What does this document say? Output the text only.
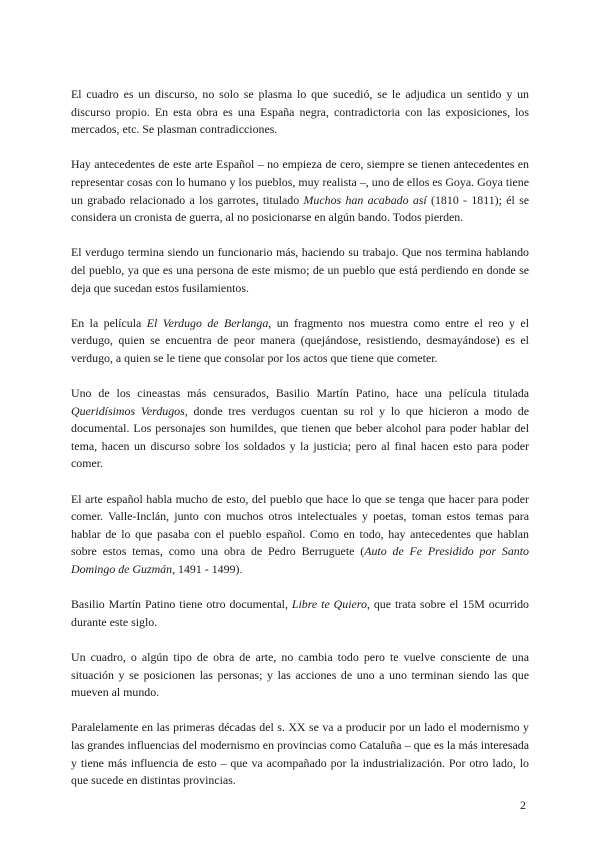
El cuadro es un discurso, no solo se plasma lo que sucedió, se le adjudica un sentido y un discurso propio. En esta obra es una España negra, contradictoria con las exposiciones, los mercados, etc. Se plasman contradicciones.

Hay antecedentes de este arte Español – no empieza de cero, siempre se tienen antecedentes en representar cosas con lo humano y los pueblos, muy realista –, uno de ellos es Goya. Goya tiene un grabado relacionado a los garrotes, titulado Muchos han acabado así (1810 - 1811); él se considera un cronista de guerra, al no posicionarse en algún bando. Todos pierden.

El verdugo termina siendo un funcionario más, haciendo su trabajo. Que nos termina hablando del pueblo, ya que es una persona de este mismo; de un pueblo que está perdiendo en donde se deja que sucedan estos fusilamientos.

En la película El Verdugo de Berlanga, un fragmento nos muestra como entre el reo y el verdugo, quien se encuentra de peor manera (quejándose, resistiendo, desmayándose) es el verdugo, a quien se le tiene que consolar por los actos que tiene que cometer.

Uno de los cineastas más censurados, Basilio Martín Patino, hace una película titulada Queridísimos Verdugos, donde tres verdugos cuentan su rol y lo que hicieron a modo de documental. Los personajes son humildes, que tienen que beber alcohol para poder hablar del tema, hacen un discurso sobre los soldados y la justicia; pero al final hacen esto para poder comer.

El arte español habla mucho de esto, del pueblo que hace lo que se tenga que hacer para poder comer. Valle-Inclán, junto con muchos otros intelectuales y poetas, toman estos temas para hablar de lo que pasaba con el pueblo español. Como en todo, hay antecedentes que hablan sobre estos temas, como una obra de Pedro Berruguete (Auto de Fe Presidido por Santo Domingo de Guzmán, 1491 - 1499).

Basilio Martín Patino tiene otro documental, Libre te Quiero, que trata sobre el 15M ocurrido durante este siglo.

Un cuadro, o algún tipo de obra de arte, no cambia todo pero te vuelve consciente de una situación y se posicionen las personas; y las acciones de uno a uno terminan siendo las que mueven al mundo.

Paralelamente en las primeras décadas del s. XX se va a producir por un lado el modernismo y las grandes influencias del modernismo en provincias como Cataluña – que es la más interesada y tiene más influencia de esto – que va acompañado por la industrialización. Por otro lado, lo que sucede en distintas provincias.

2
